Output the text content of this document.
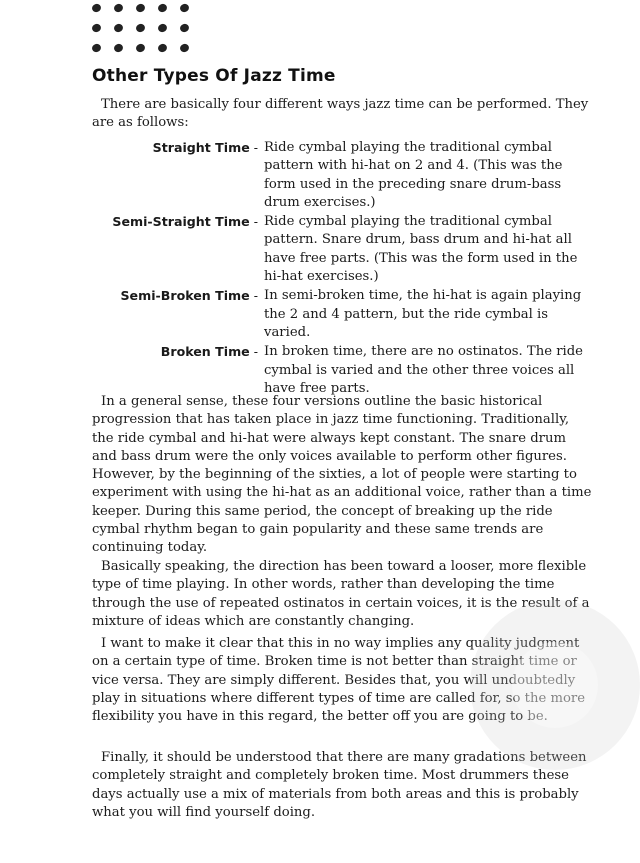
Other Types Of Jazz Time
There are basically four different ways jazz time can be performed. They are as follows:
Straight Time - Ride cymbal playing the traditional cymbal pattern with hi-hat on 2 and 4. (This was the form used in the preceding snare drum-bass drum exercises.)
Semi-Straight Time - Ride cymbal playing the traditional cymbal pattern. Snare drum, bass drum and hi-hat all have free parts. (This was the form used in the hi-hat exercises.)
Semi-Broken Time - In semi-broken time, the hi-hat is again playing the 2 and 4 pattern, but the ride cymbal is varied.
Broken Time - In broken time, there are no ostinatos. The ride cymbal is varied and the other three voices all have free parts.
In a general sense, these four versions outline the basic historical progression that has taken place in jazz time functioning. Traditionally, the ride cymbal and hi-hat were always kept constant. The snare drum and bass drum were the only voices available to perform other figures. However, by the beginning of the sixties, a lot of people were starting to experiment with using the hi-hat as an additional voice, rather than a time keeper. During this same period, the concept of breaking up the ride cymbal rhythm began to gain popularity and these same trends are continuing today.
Basically speaking, the direction has been toward a looser, more flexible type of time playing. In other words, rather than developing the time through the use of repeated ostinatos in certain voices, it is the result of a mixture of ideas which are constantly changing.
I want to make it clear that this in no way implies any quality judgment on a certain type of time. Broken time is not better than straight time or vice versa. They are simply different. Besides that, you will undoubtedly play in situations where different types of time are called for, so the more flexibility you have in this regard, the better off you are going to be.
Finally, it should be understood that there are many gradations between completely straight and completely broken time. Most drummers these days actually use a mix of materials from both areas and this is probably what you will find yourself doing.
